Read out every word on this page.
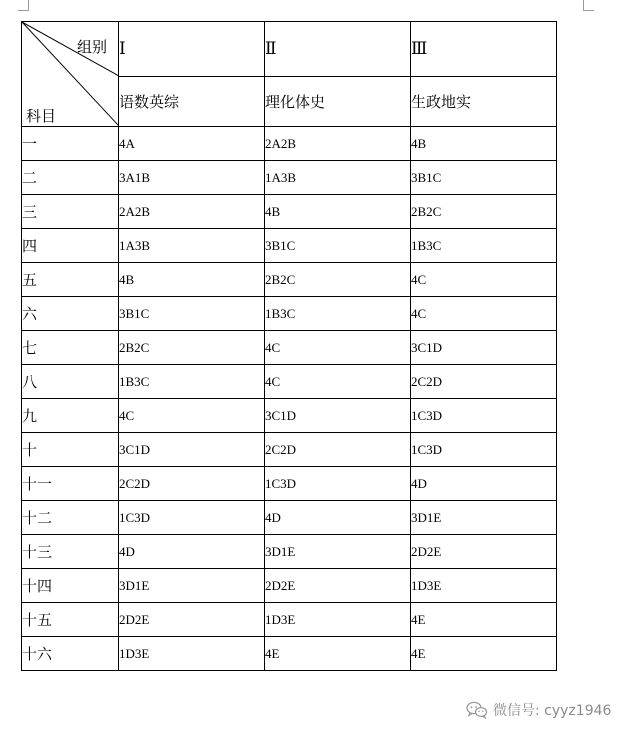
组别
科目	Ⅰ	Ⅱ	Ⅲ
	语数英综	理化体史	生政地实
一	4A	2A2B	4B
二	3A1B	1A3B	3B1C
三	2A2B	4B	2B2C
四	1A3B	3B1C	1B3C
五	4B	2B2C	4C
六	3B1C	1B3C	4C
七	2B2C	4C	3C1D
八	1B3C	4C	2C2D
九	4C	3C1D	1C3D
十	3C1D	2C2D	1C3D
十一	2C2D	1C3D	4D
十二	1C3D	4D	3D1E
十三	4D	3D1E	2D2E
十四	3D1E	2D2E	1D3E
十五	2D2E	1D3E	4E
十六	1D3E	4E	4E
微信号: cyyz1946
